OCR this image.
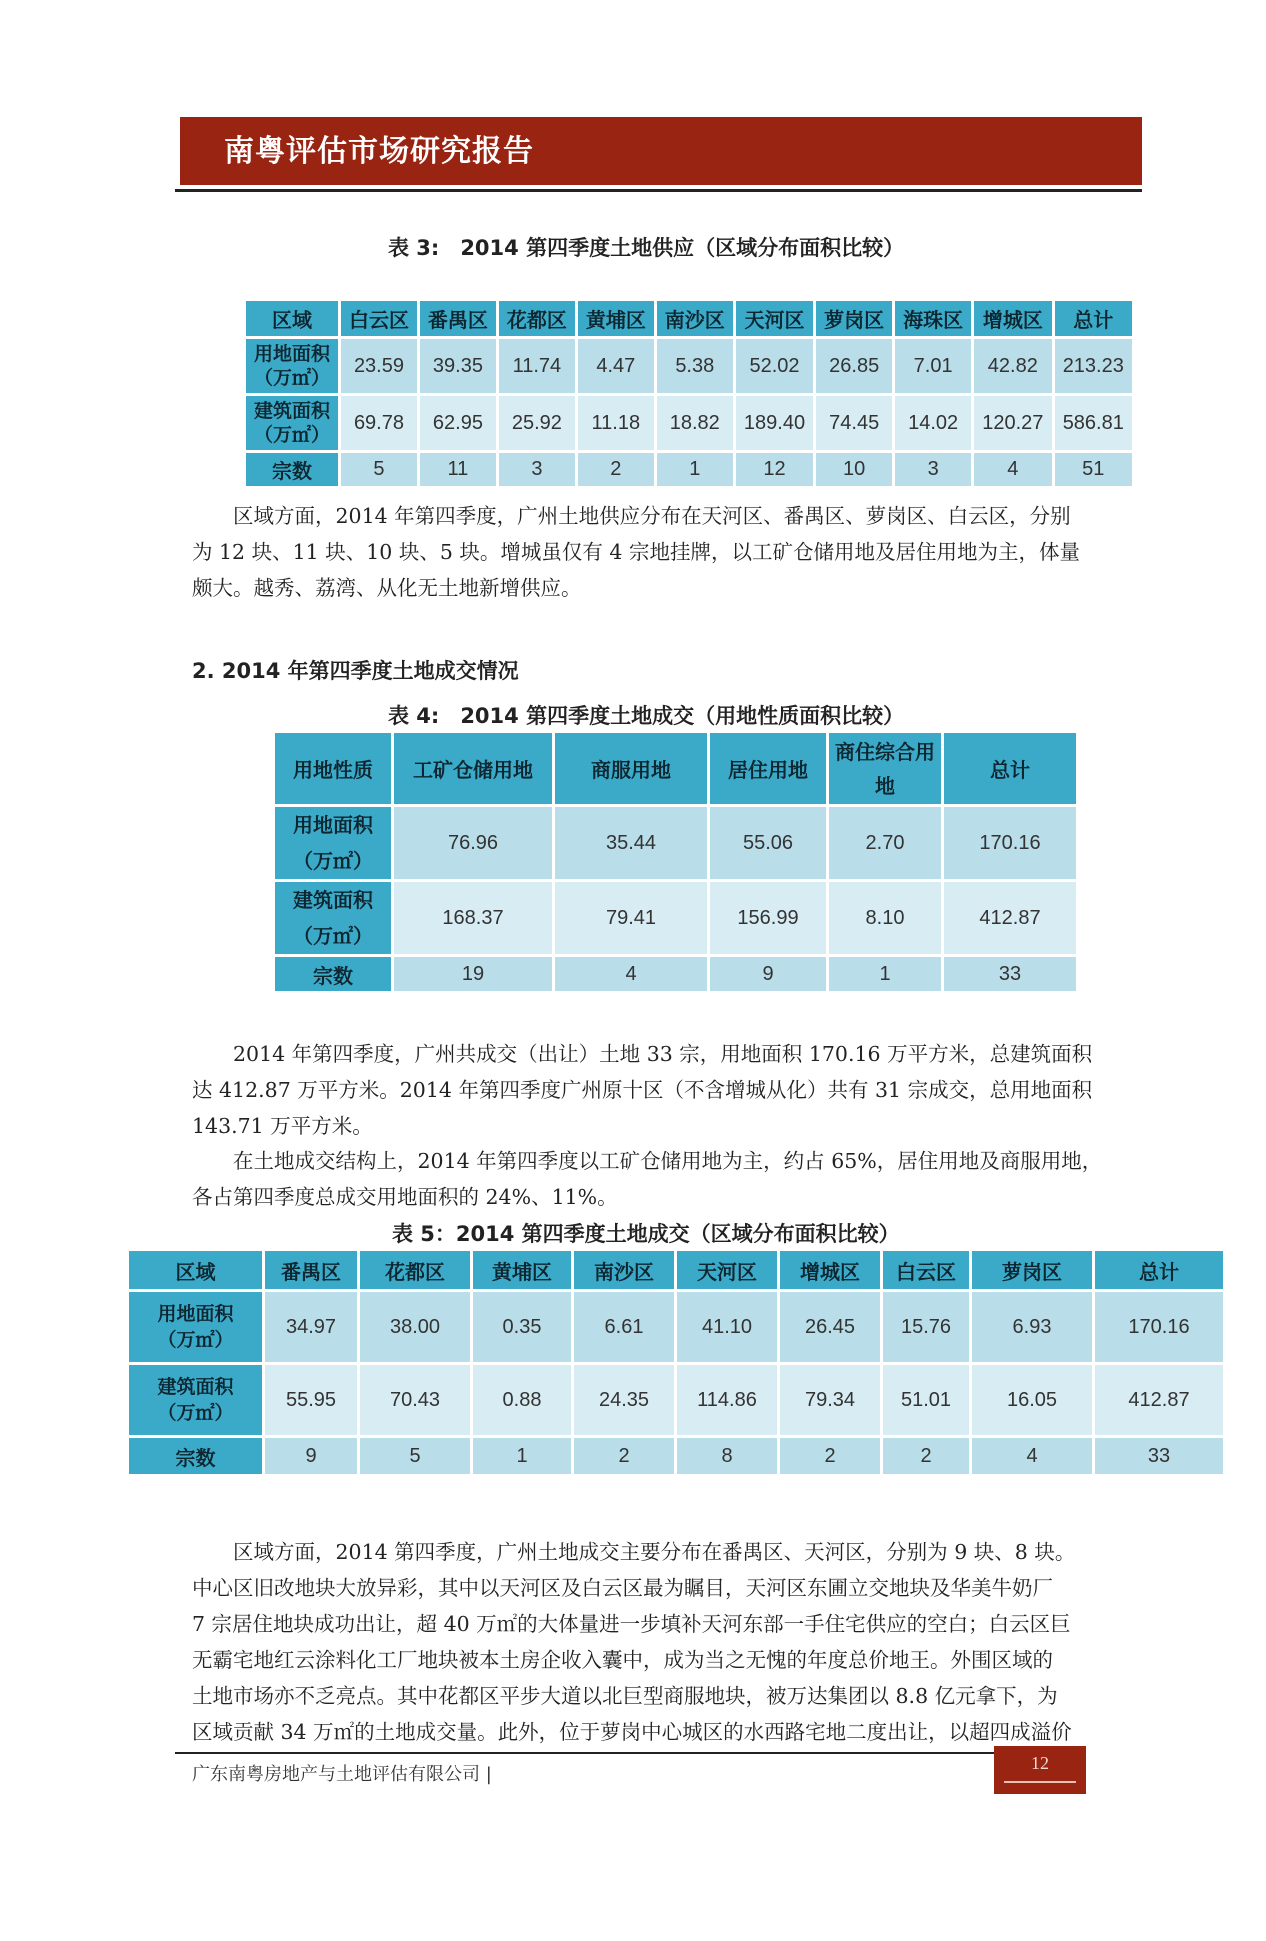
南粤评估市场研究报告
表 3:　2014 第四季度土地供应（区域分布面积比较）
区域	白云区	番禺区	花都区	黄埔区	南沙区	天河区	萝岗区	海珠区	增城区	总计

用地面积
（万㎡）	23.59	39.35	11.74	4.47	5.38	52.02	26.85	7.01	42.82	213.23

建筑面积
（万㎡）	69.78	62.95	25.92	11.18	18.82	189.40	74.45	14.02	120.27	586.81
宗数	5	11	3	2	1	12	10	3	4	51

　　区域方面，2014 年第四季度，广州土地供应分布在天河区、番禺区、萝岗区、白云区，分别

为 12 块、11 块、10 块、5 块。增城虽仅有 4 宗地挂牌，以工矿仓储用地及居住用地为主，体量

颇大。越秀、荔湾、从化无土地新增供应。

2. 2014 年第四季度土地成交情况
表 4:　2014 第四季度土地成交（用地性质面积比较）
用地性质	工矿仓储用地	商服用地	居住用地	商住综合用
地	总计

用地面积
（万㎡）	76.96	35.44	55.06	2.70	170.16

建筑面积
（万㎡）	168.37	79.41	156.99	8.10	412.87
宗数	19	4	9	1	33

　　2014 年第四季度，广州共成交（出让）土地 33 宗，用地面积 170.16 万平方米，总建筑面积

达 412.87 万平方米。2014 年第四季度广州原十区（不含增城从化）共有 31 宗成交，总用地面积

143.71 万平方米。

　　在土地成交结构上，2014 年第四季度以工矿仓储用地为主，约占 65%，居住用地及商服用地，

各占第四季度总成交用地面积的 24%、11%。

表 5：2014 第四季度土地成交（区域分布面积比较）
区域	番禺区	花都区	黄埔区	南沙区	天河区	增城区	白云区	萝岗区	总计

用地面积
（万㎡）	34.97	38.00	0.35	6.61	41.10	26.45	15.76	6.93	170.16

建筑面积
（万㎡）	55.95	70.43	0.88	24.35	114.86	79.34	51.01	16.05	412.87
宗数	9	5	1	2	8	2	2	4	33

　　区域方面，2014 第四季度，广州土地成交主要分布在番禺区、天河区，分别为 9 块、8 块。

中心区旧改地块大放异彩，其中以天河区及白云区最为瞩目，天河区东圃立交地块及华美牛奶厂

7 宗居住地块成功出让，超 40 万㎡的大体量进一步填补天河东部一手住宅供应的空白；白云区巨

无霸宅地红云涂料化工厂地块被本土房企收入囊中，成为当之无愧的年度总价地王。外围区域的

土地市场亦不乏亮点。其中花都区平步大道以北巨型商服地块，被万达集团以 8.8 亿元拿下，为

区域贡献 34 万㎡的土地成交量。此外，位于萝岗中心城区的水西路宅地二度出让，以超四成溢价

广东南粤房地产与土地评估有限公司 |
12
